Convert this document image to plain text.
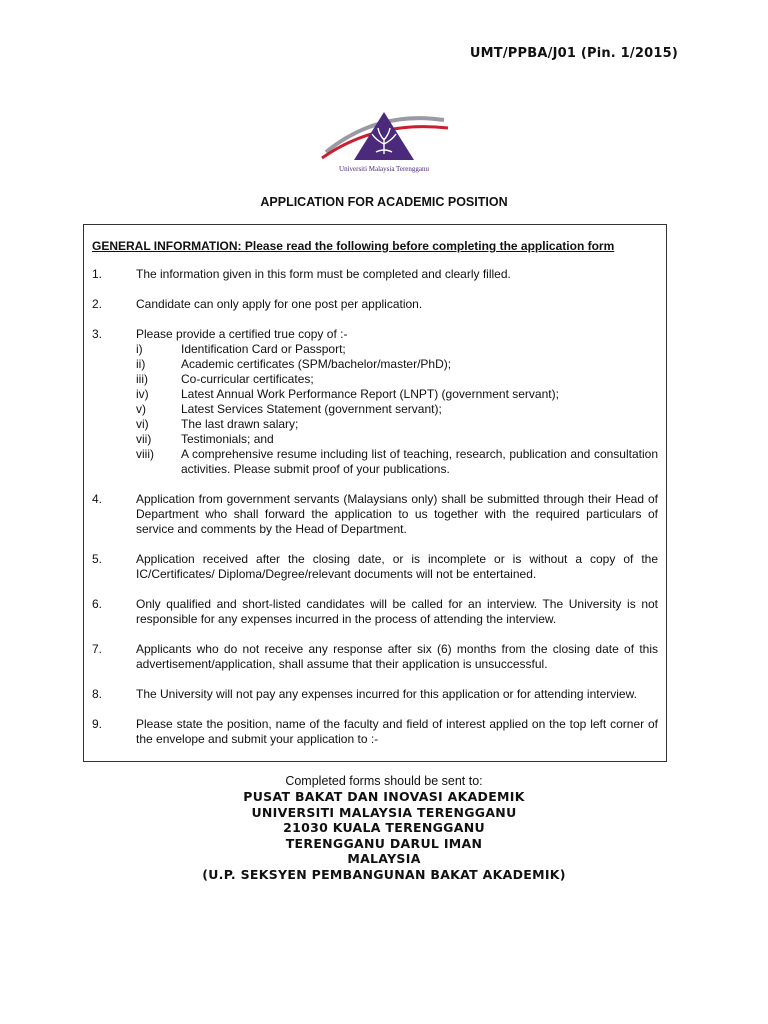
UMT/PPBA/J01 (Pin. 1/2015)
Universiti Malaysia Terengganu
APPLICATION FOR ACADEMIC POSITION
GENERAL INFORMATION: Please read the following before completing the application form
1.	The information given in this form must be completed and clearly filled.
2.	Candidate can only apply for one post per application.
3.	Please provide a certified true copy of :-
i)	Identification Card or Passport;
ii)	Academic certificates (SPM/bachelor/master/PhD);
iii)	Co-curricular certificates;
iv)	Latest Annual Work Performance Report (LNPT) (government servant);
v)	Latest Services Statement (government servant);
vi)	The last drawn salary;
vii)	Testimonials; and
viii)	A comprehensive resume including list of teaching, research, publication and consultation activities. Please submit proof of your publications.
4.	Application from government servants (Malaysians only) shall be submitted through their Head of Department who shall forward the application to us together with the required particulars of service and comments by the Head of Department.
5.	Application received after the closing date, or is incomplete or is without a copy of the IC/Certificates/ Diploma/Degree/relevant documents will not be entertained.
6.	Only qualified and short-listed candidates will be called for an interview. The University is not responsible for any expenses incurred in the process of attending the interview.
7.	Applicants who do not receive any response after six (6) months from the closing date of this advertisement/application, shall assume that their application is unsuccessful.
8.	The University will not pay any expenses incurred for this application or for attending interview.
9.	Please state the position, name of the faculty and field of interest applied on the top left corner of the envelope and submit your application to :-
Completed forms should be sent to:
PUSAT BAKAT DAN INOVASI AKADEMIK
UNIVERSITI MALAYSIA TERENGGANU
21030 KUALA TERENGGANU
TERENGGANU DARUL IMAN
MALAYSIA
(U.P. SEKSYEN PEMBANGUNAN BAKAT AKADEMIK)
